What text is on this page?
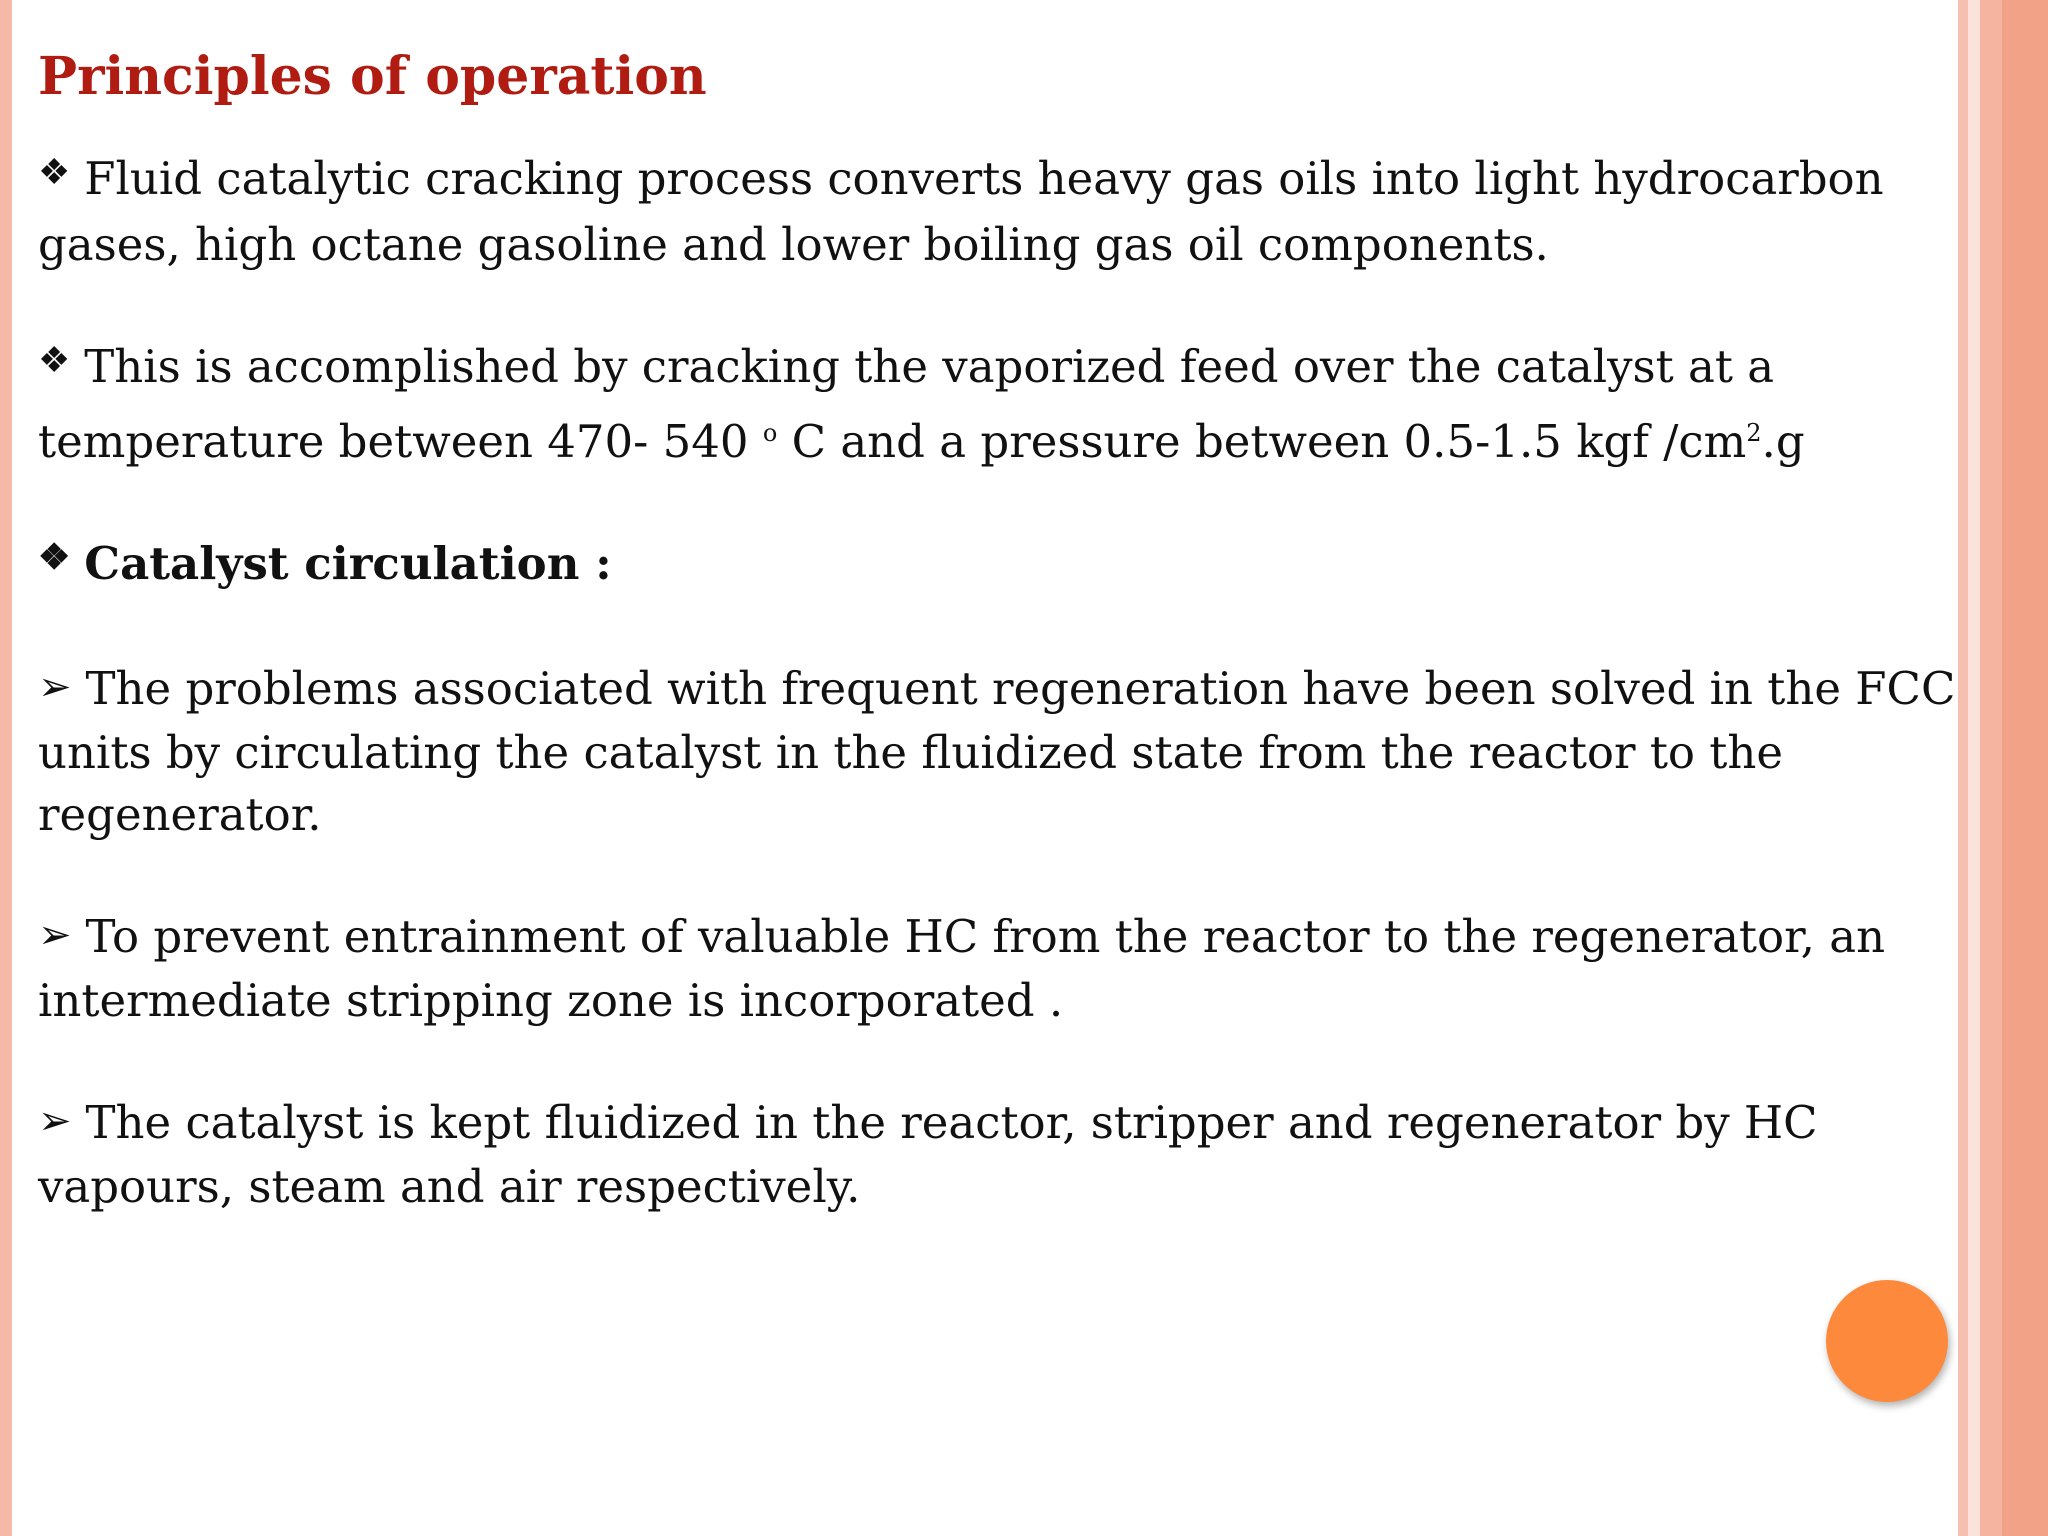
Principles of operation

❖ Fluid catalytic cracking process converts heavy gas oils into light hydrocarbon gases, high octane gasoline and lower boiling gas oil components.

❖ This is accomplished by cracking the vaporized feed over the catalyst at a temperature between 470- 540 $^o$ C and a pressure between 0.5-1.5 kgf $/cm^2.g$

❖ Catalyst circulation :

➢ The problems associated with frequent regeneration have been solved in the FCC units by circulating the catalyst in the fluidized state from the reactor to the regenerator.

➢ To prevent entrainment of valuable HC from the reactor to the regenerator, an intermediate stripping zone is incorporated .

➢ The catalyst is kept fluidized in the reactor, stripper and regenerator by HC vapours, steam and air respectively.
